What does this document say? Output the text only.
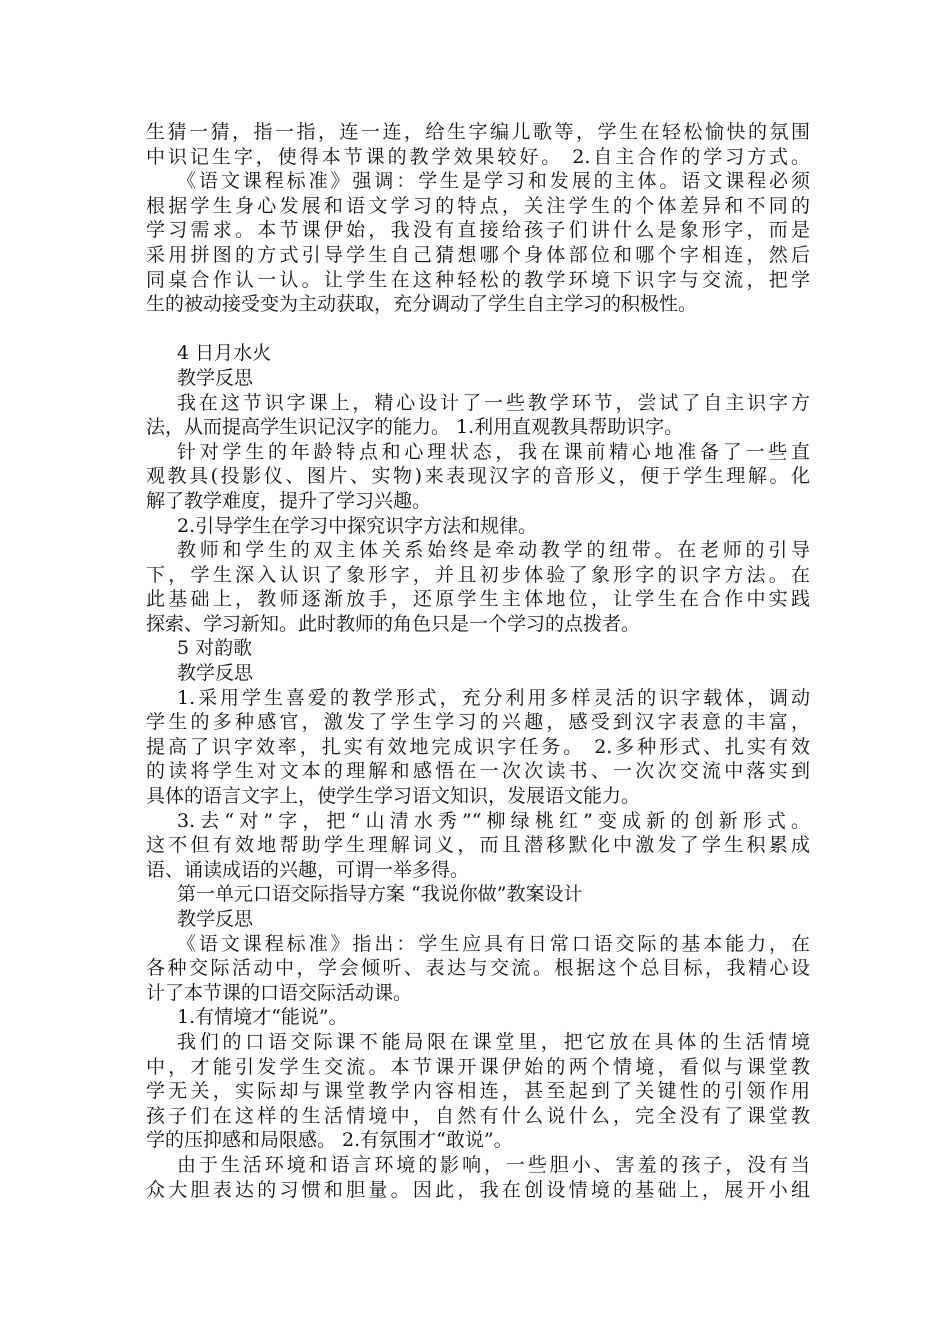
生猜一猜，指一指，连一连，给生字编儿歌等，学生在轻松愉快的氛围
中识记生字，使得本节课的教学效果较好。 2.自主合作的学习方式。
《语文课程标准》强调：学生是学习和发展的主体。语文课程必须
根据学生身心发展和语文学习的特点，关注学生的个体差异和不同的
学习需求。本节课伊始，我没有直接给孩子们讲什么是象形字，而是
采用拼图的方式引导学生自己猜想哪个身体部位和哪个字相连，然后
同桌合作认一认。让学生在这种轻松的教学环境下识字与交流，把学
生的被动接受变为主动获取，充分调动了学生自主学习的积极性。
4 日月水火
教学反思
我在这节识字课上，精心设计了一些教学环节，尝试了自主识字方
法，从而提高学生识记汉字的能力。 1.利用直观教具帮助识字。
针对学生的年龄特点和心理状态，我在课前精心地准备了一些直
观教具(投影仪、图片、实物)来表现汉字的音形义，便于学生理解。化
解了教学难度，提升了学习兴趣。
2.引导学生在学习中探究识字方法和规律。
教师和学生的双主体关系始终是牵动教学的纽带。在老师的引导
下，学生深入认识了象形字，并且初步体验了象形字的识字方法。在
此基础上，教师逐渐放手，还原学生主体地位，让学生在合作中实践
探索、学习新知。此时教师的角色只是一个学习的点拨者。
5 对韵歌
教学反思
1.采用学生喜爱的教学形式，充分利用多样灵活的识字载体，调动
学生的多种感官，激发了学生学习的兴趣，感受到汉字表意的丰富，
提高了识字效率，扎实有效地完成识字任务。 2.多种形式、扎实有效
的读将学生对文本的理解和感悟在一次次读书、一次次交流中落实到
具体的语言文字上，使学生学习语文知识，发展语文能力。
3.去“对”字，把“山清水秀”“柳绿桃红”变成新的创新形式。
这不但有效地帮助学生理解词义，而且潜移默化中激发了学生积累成
语、诵读成语的兴趣，可谓一举多得。
第一单元口语交际指导方案 “我说你做”教案设计
教学反思
《语文课程标准》指出：学生应具有日常口语交际的基本能力，在
各种交际活动中，学会倾听、表达与交流。根据这个总目标，我精心设
计了本节课的口语交际活动课。
1.有情境才“能说”。
我们的口语交际课不能局限在课堂里，把它放在具体的生活情境
中，才能引发学生交流。本节课开课伊始的两个情境，看似与课堂教
学无关，实际却与课堂教学内容相连，甚至起到了关键性的引领作用
孩子们在这样的生活情境中，自然有什么说什么，完全没有了课堂教
学的压抑感和局限感。 2.有氛围才“敢说”。
由于生活环境和语言环境的影响，一些胆小、害羞的孩子，没有当
众大胆表达的习惯和胆量。因此，我在创设情境的基础上，展开小组
